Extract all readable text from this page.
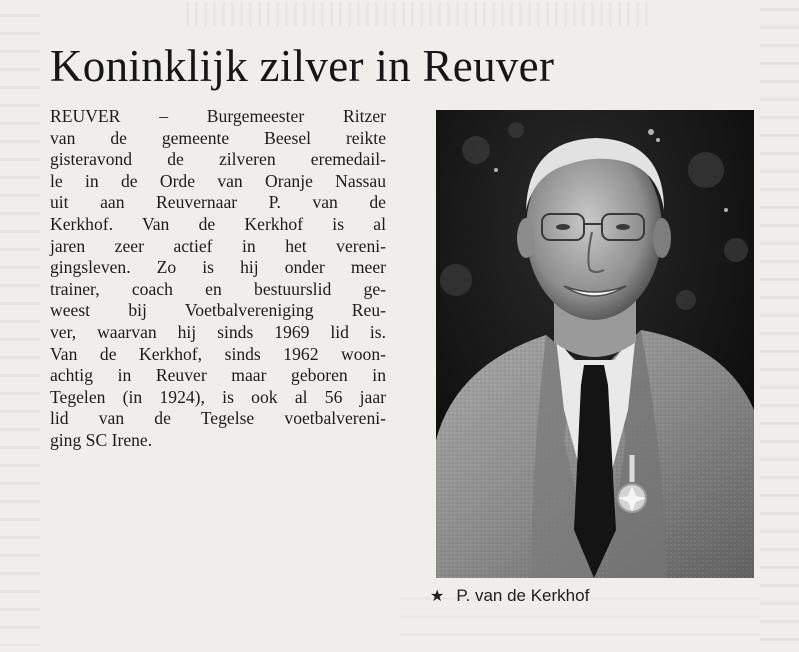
Koninklijk zilver in Reuver
REUVER – Burgemeester Ritzer
van de gemeente Beesel reikte
gisteravond de zilveren eremedail-
le in de Orde van Oranje Nassau
uit aan Reuvernaar P. van de
Kerkhof. Van de Kerkhof is al
jaren zeer actief in het vereni-
gingsleven. Zo is hij onder meer
trainer, coach en bestuurslid ge-
weest bij Voetbalvereniging Reu-
ver, waarvan hij sinds 1969 lid is.
Van de Kerkhof, sinds 1962 woon-
achtig in Reuver maar geboren in
Tegelen (in 1924), is ook al 56 jaar
lid van de Tegelse voetbalvereni-
ging SC Irene.
★ P. van de Kerkhof
